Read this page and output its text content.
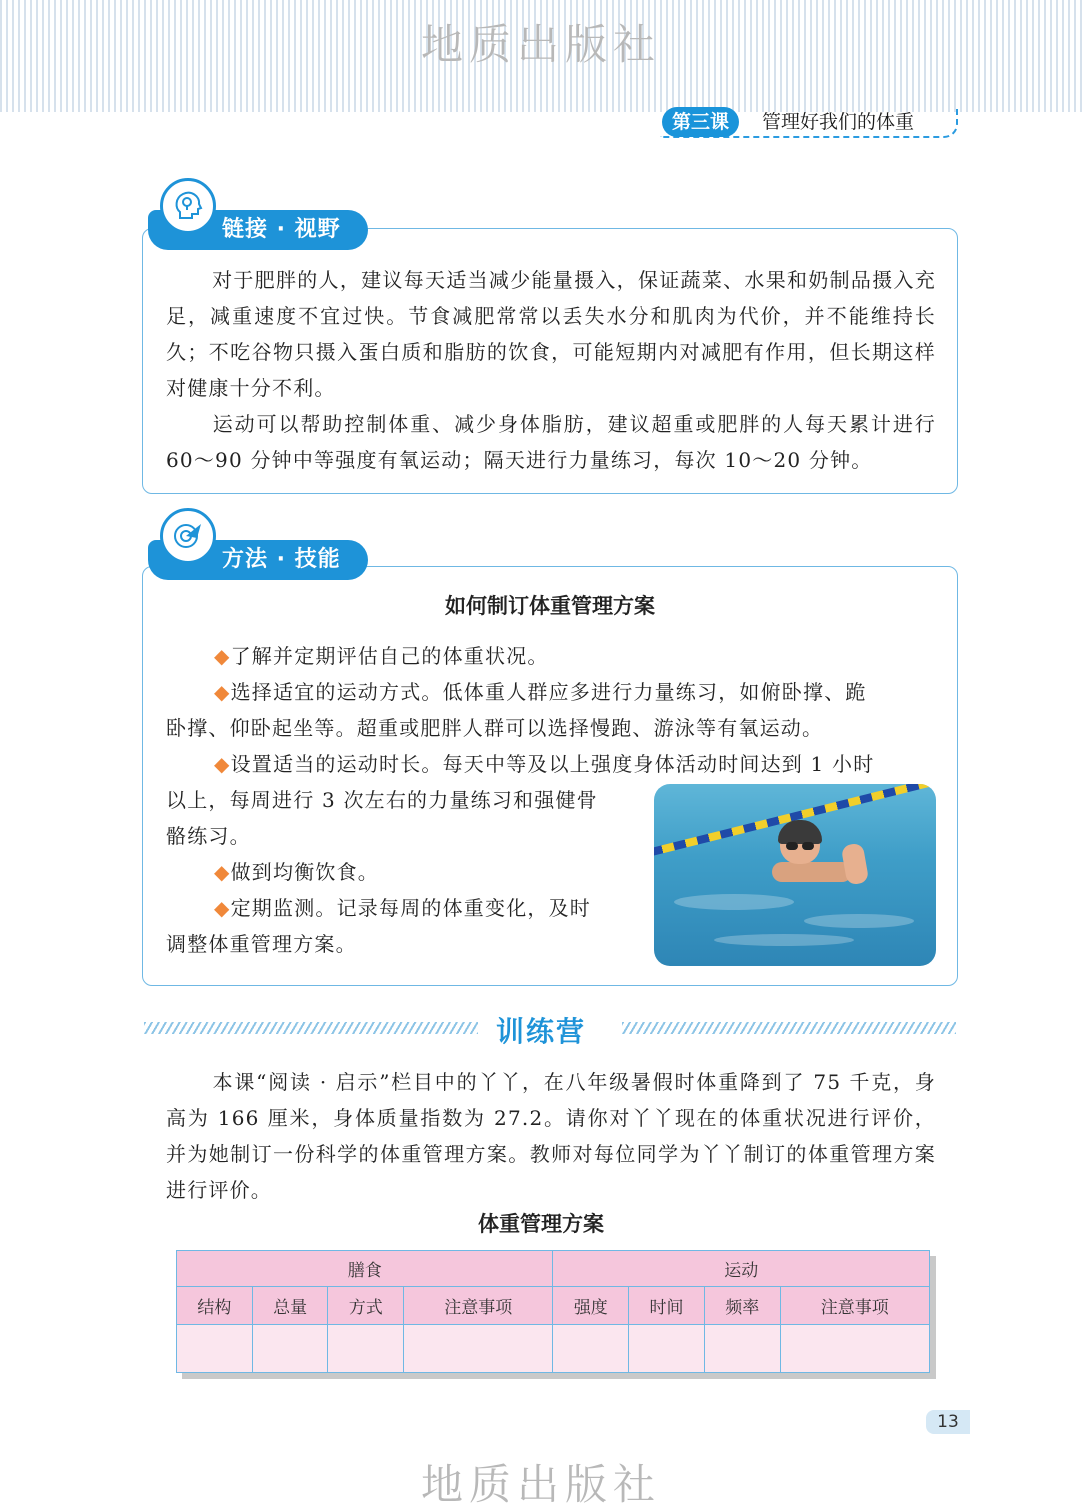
地质出版社
第三课	管理好我们的体重
链接 · 视野
对于肥胖的人，建议每天适当减少能量摄入，保证蔬菜、水果和奶制品摄入充足，减重速度不宜过快。节食减肥常常以丢失水分和肌肉为代价，并不能维持长久；不吃谷物只摄入蛋白质和脂肪的饮食，可能短期内对减肥有作用，但长期这样对健康十分不利。
运动可以帮助控制体重、减少身体脂肪，建议超重或肥胖的人每天累计进行 60～90 分钟中等强度有氧运动；隔天进行力量练习，每次 10～20 分钟。
方法 · 技能
如何制订体重管理方案
◆了解并定期评估自己的体重状况。
◆选择适宜的运动方式。低体重人群应多进行力量练习，如俯卧撑、跪
卧撑、仰卧起坐等。超重或肥胖人群可以选择慢跑、游泳等有氧运动。
◆设置适当的运动时长。每天中等及以上强度身体活动时间达到 1 小时
以上，每周进行 3 次左右的力量练习和强健骨
骼练习。
◆做到均衡饮食。
◆定期监测。记录每周的体重变化，及时
调整体重管理方案。
训练营
本课“阅读 · 启示”栏目中的丫丫，在八年级暑假时体重降到了 75 千克，身高为 166 厘米，身体质量指数为 27.2。请你对丫丫现在的体重状况进行评价，并为她制订一份科学的体重管理方案。教师对每位同学为丫丫制订的体重管理方案进行评价。
体重管理方案
膳食				运动			
结构	总量	方式	注意事项	强度	时间	频率	注意事项

13
地质出版社
